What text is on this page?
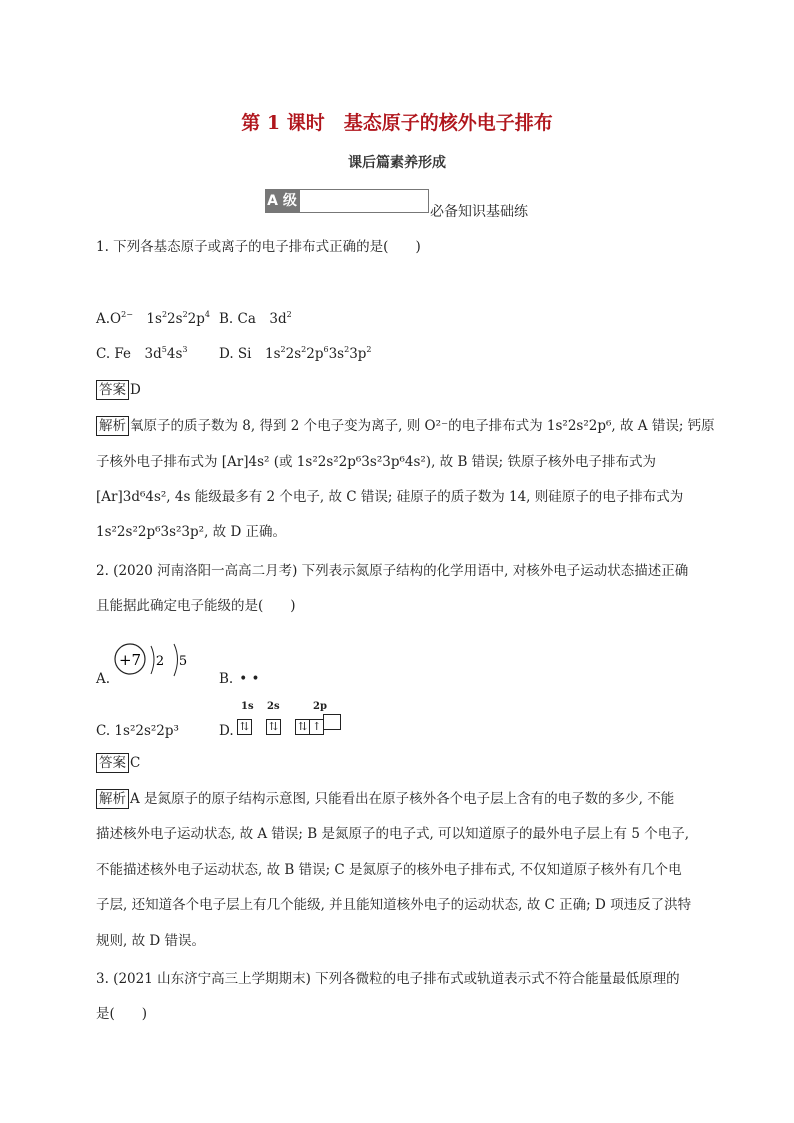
第 1 课时　基态原子的核外电子排布
课后篇素养形成
A 级
必备知识基础练
1. 下列各基态原子或离子的电子排布式正确的是(　　)
$A.O^{2-}$　$1s^22s^22p^4$ B. Ca　$3d^2$
C. Fe　$3d^54s^3$ D. Si　$1s^22s^22p^63s^23p^2$
答案 D
解析 氧原子的质子数为 8, 得到 2 个电子变为离子, 则 O²⁻的电子排布式为 1s²2s²2p⁶, 故 A 错误; 钙原
子核外电子排布式为 [Ar]4s² (或 1s²2s²2p⁶3s²3p⁶4s²), 故 B 错误; 铁原子核外电子排布式为
[Ar]3d⁶4s², 4s 能级最多有 2 个电子, 故 C 错误; 硅原子的质子数为 14, 则硅原子的电子排布式为
1s²2s²2p⁶3s²3p², 故 D 正确。
2. (2020 河南洛阳一高高二月考) 下列表示氮原子结构的化学用语中, 对核外电子运动状态描述正确
且能据此确定电子能级的是(　　)
A.
+7 2 5
B. • •
C. 1s²2s²2p³	D.
1s 2s	2p
⇅ ⇅ ⇅ ↑
答案 C
解析 A 是氮原子的原子结构示意图, 只能看出在原子核外各个电子层上含有的电子数的多少, 不能
描述核外电子运动状态, 故 A 错误; B 是氮原子的电子式, 可以知道原子的最外电子层上有 5 个电子,
不能描述核外电子运动状态, 故 B 错误; C 是氮原子的核外电子排布式, 不仅知道原子核外有几个电
子层, 还知道各个电子层上有几个能级, 并且能知道核外电子的运动状态, 故 C 正确; D 项违反了洪特
规则, 故 D 错误。
3. (2021 山东济宁高三上学期期末) 下列各微粒的电子排布式或轨道表示式不符合能量最低原理的
是(　　)
